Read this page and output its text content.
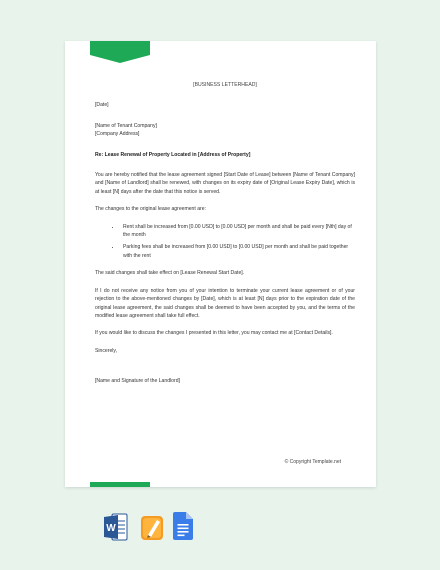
[BUSINESS LETTERHEAD]

[Date]

[Name of Tenant Company]

[Company Address]

Re: Lease Renewal of Property Located in [Address of Property]

You are hereby notified that the lease agreement signed [Start Date of Lease] between [Name of Tenant Company] and [Name of Landlord] shall be renewed, with changes on its expiry date of [Original Lease Expiry Date], which is at least [N] days after the date that this notice is served.

The changes to the original lease agreement are:

• Rent shall be increased from [0.00 USD] to [0.00 USD] per month and shall be paid every [Nth] day of the month
• Parking fees shall be increased from [0.00 USD] to [0.00 USD] per month and shall be paid together with the rent

The said changes shall take effect on [Lease Renewal Start Date].

If I do not receive any notice from you of your intention to terminate your current lease agreement or of your rejection to the above-mentioned changes by [Date], which is at least [N] days prior to the expiration date of the original lease agreement, the said changes shall be deemed to have been accepted by you, and the terms of the modified lease agreement shall take full effect.

If you would like to discuss the changes I presented in this letter, you may contact me at [Contact Details].

Sincerely,

[Name and Signature of the Landlord]

© Copyright Template.net

W
